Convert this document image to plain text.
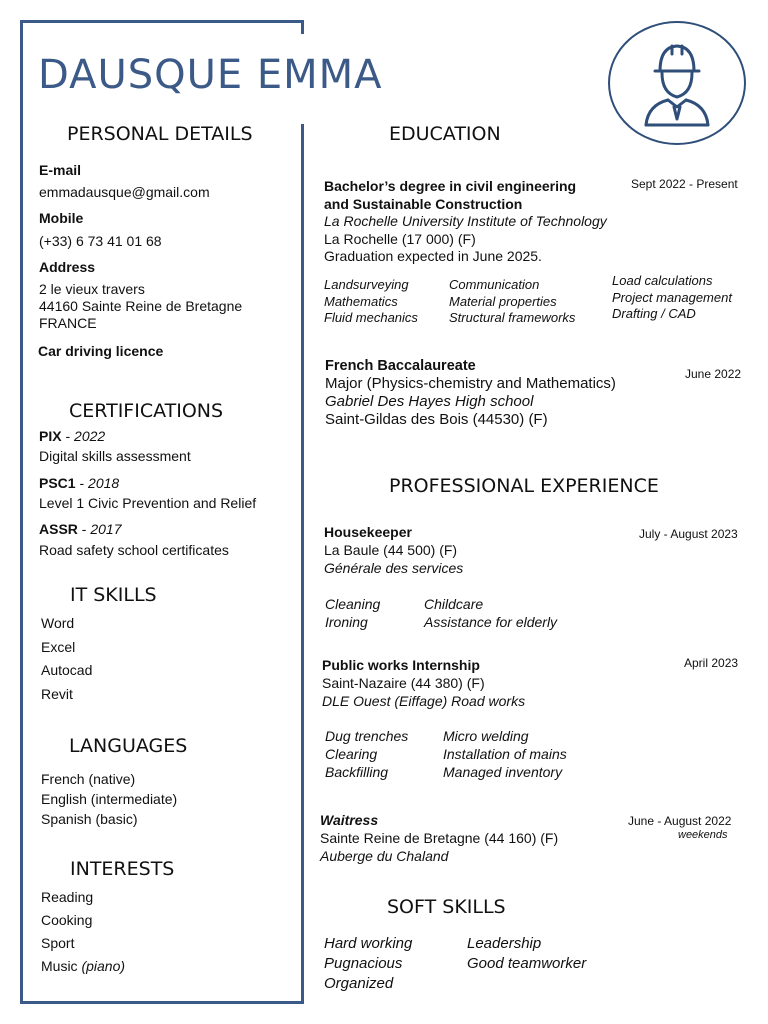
DAUSQUE EMMA
PERSONAL DETAILS
E-mail
emmadausque@gmail.com
Mobile
(+33) 6 73 41 01 68
Address
2 le vieux travers
44160 Sainte Reine de Bretagne
FRANCE
Car driving licence
CERTIFICATIONS
PIX - 2022
Digital skills assessment
PSC1 - 2018
Level 1 Civic Prevention and Relief
ASSR - 2017
Road safety school certificates
IT SKILLS
Word
Excel
Autocad
Revit
LANGUAGES
French (native)
English (intermediate)
Spanish (basic)
INTERESTS
Reading
Cooking
Sport
Music (piano)
EDUCATION
Bachelor’s degree in civil engineering
and Sustainable Construction
La Rochelle University Institute of Technology
La Rochelle (17 000) (F)
Graduation expected in June 2025.
Sept 2022 - Present
Landsurveying
Mathematics
Fluid mechanics
Communication
Material properties
Structural frameworks
Load calculations
Project management
Drafting / CAD
French Baccalaureate
Major (Physics-chemistry and Mathematics)
Gabriel Des Hayes High school
Saint-Gildas des Bois (44530) (F)
June 2022
PROFESSIONAL EXPERIENCE
Housekeeper
La Baule (44 500) (F)
Générale des services
July - August 2023
Cleaning
Ironing
Childcare
Assistance for elderly
Public works Internship
Saint-Nazaire (44 380) (F)
DLE Ouest (Eiffage) Road works
April 2023
Dug trenches
Clearing
Backfilling
Micro welding
Installation of mains
Managed inventory
Waitress
Sainte Reine de Bretagne (44 160) (F)
Auberge du Chaland
June - August 2022
weekends
SOFT SKILLS
Hard working
Pugnacious
Organized
Leadership
Good teamworker
